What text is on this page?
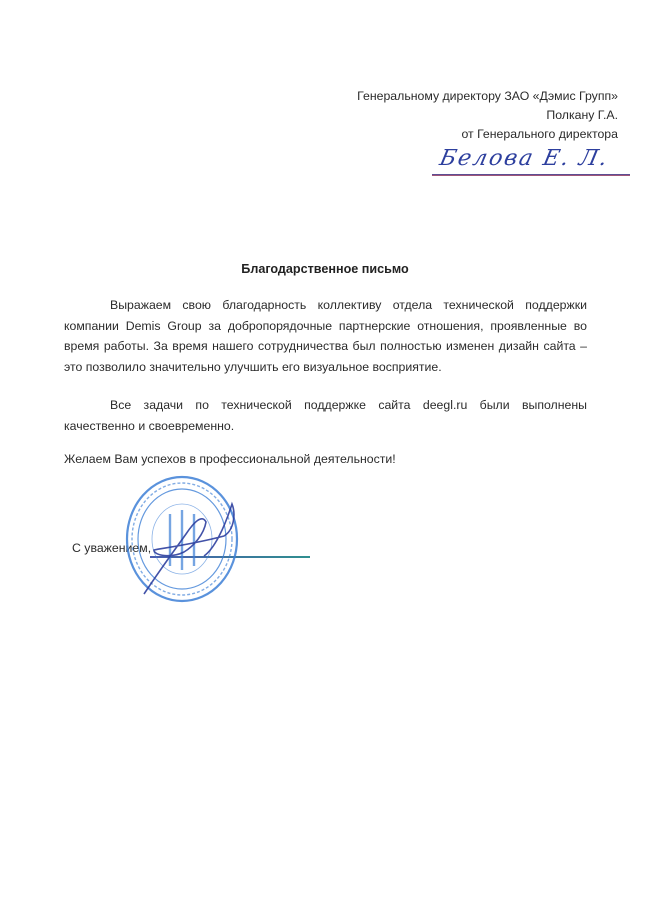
Генеральному директору ЗАО «Дэмис Групп»
Полкану Г.А.
от Генерального директора
Белова Е. Л.
Благодарственное письмо
Выражаем свою благодарность коллективу отдела технической поддержки компании Demis Group за добропорядочные партнерские отношения, проявленные во время работы. За время нашего сотрудничества был полностью изменен дизайн сайта – это позволило значительно улучшить его визуальное восприятие.
Все задачи по технической поддержке сайта deegl.ru были выполнены качественно и своевременно.
Желаем Вам успехов в профессиональной деятельности!
С уважением,
